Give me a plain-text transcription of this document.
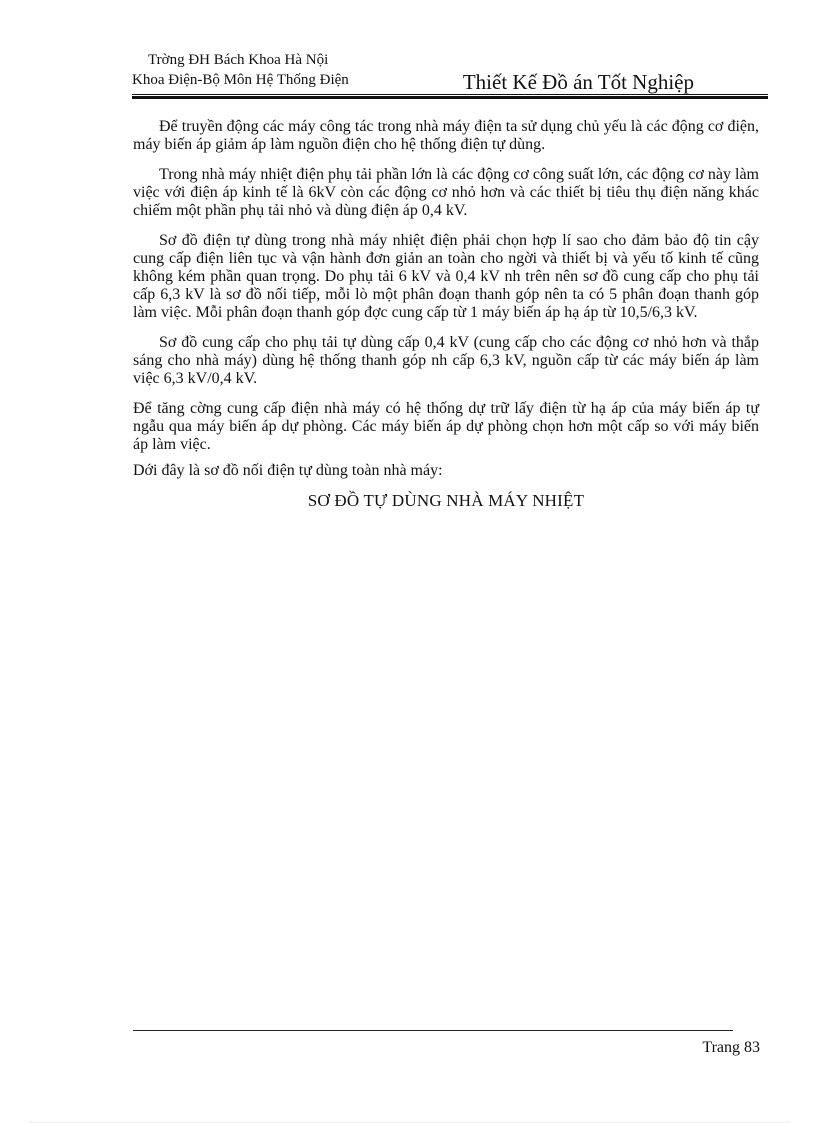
Trờng ĐH Bách Khoa Hà Nội
Khoa Điện-Bộ Môn Hệ Thống Điện	Thiết Kế Đồ án Tốt Nghiệp

Để truyền động các máy công tác trong nhà máy điện ta sử dụng chủ yếu là các động cơ điện, máy biến áp giảm áp làm nguồn điện cho hệ thống điện tự dùng.

Trong nhà máy nhiệt điện phụ tải phần lớn là các động cơ công suất lớn, các động cơ này làm việc với điện áp kinh tế là 6kV còn các động cơ nhỏ hơn và các thiết bị tiêu thụ điện năng khác chiếm một phần phụ tải nhỏ và dùng điện áp 0,4 kV.

Sơ đồ điện tự dùng trong nhà máy nhiệt điện phải chọn hợp lí sao cho đảm bảo độ tin cậy cung cấp điện liên tục và vận hành đơn giản an toàn cho ngời và thiết bị và yếu tố kinh tế cũng không kém phần quan trọng. Do phụ tải 6 kV và 0,4 kV nh trên nên sơ đồ cung cấp cho phụ tải cấp 6,3 kV là sơ đồ nối tiếp, mỗi lò một phân đoạn thanh góp nên ta có 5 phân đoạn thanh góp làm việc. Mỗi phân đoạn thanh góp đợc cung cấp từ 1 máy biến áp hạ áp từ 10,5/6,3 kV.

Sơ đồ cung cấp cho phụ tải tự dùng cấp 0,4 kV (cung cấp cho các động cơ nhỏ hơn và thắp sáng cho nhà máy) dùng hệ thống thanh góp nh cấp 6,3 kV, nguồn cấp từ các máy biến áp làm việc 6,3 kV/0,4 kV.

Để tăng cờng cung cấp điện nhà máy có hệ thống dự trữ lấy điện từ hạ áp của máy biến áp tự ngẫu qua máy biến áp dự phòng. Các máy biến áp dự phòng chọn hơn một cấp so với máy biến áp làm việc.

Dới đây là sơ đồ nối điện tự dùng toàn nhà máy:

SƠ ĐỒ TỰ DÙNG NHÀ MÁY NHIỆT
Trang 83
